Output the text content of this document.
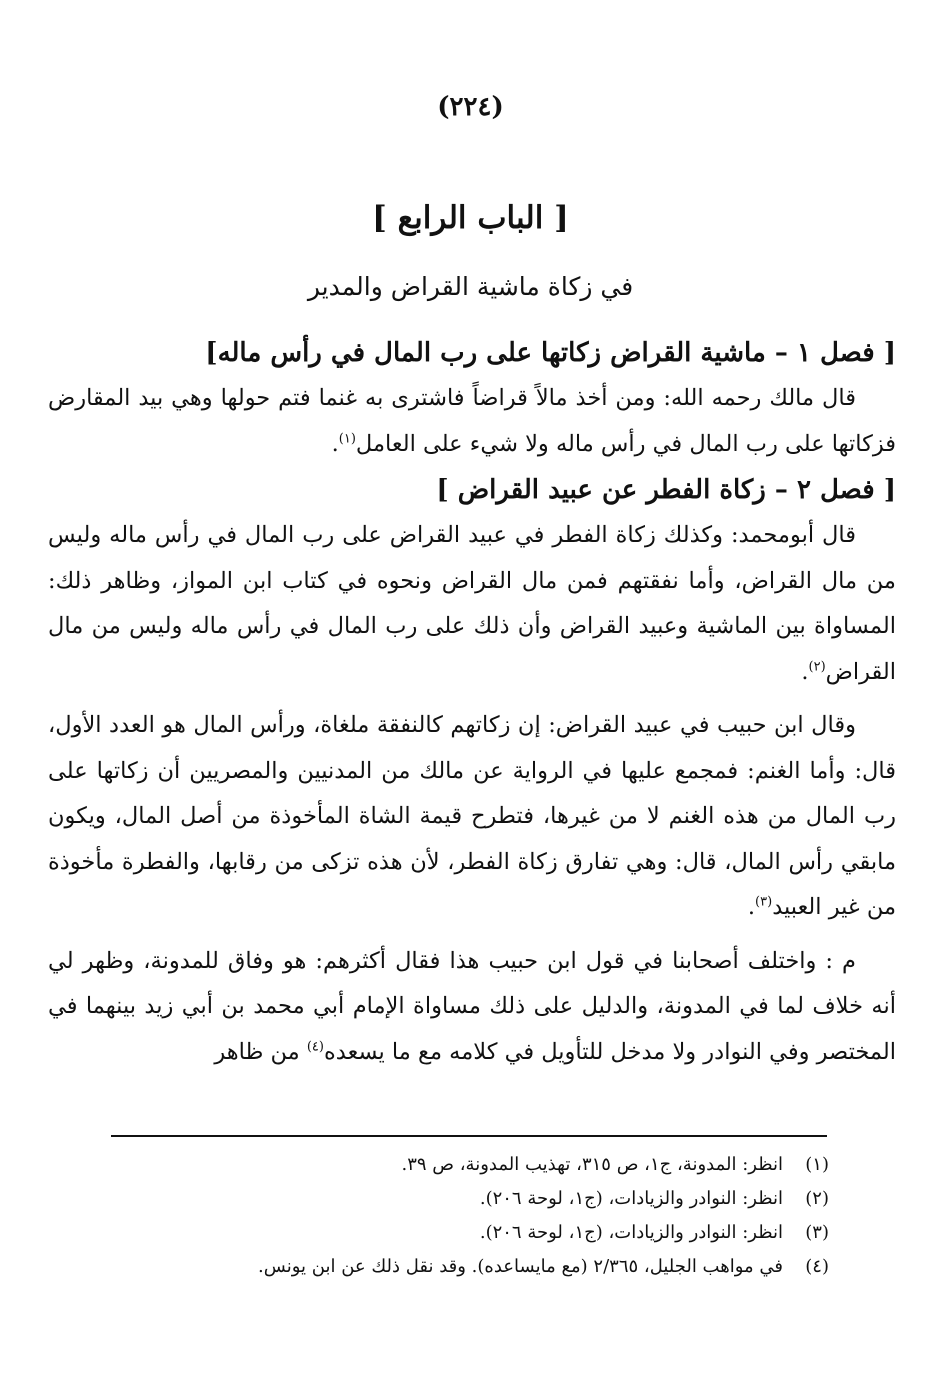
(٢٢٤)
[ الباب الرابع ]
في زكاة ماشية القراض والمدير
[ فصل ١ – ماشية القراض زكاتها على رب المال في رأس ماله]

قال مالك رحمه الله: ومن أخذ مالاً قراضاً فاشترى به غنما فتم حولها وهي بيد المقارض فزكاتها على رب المال في رأس ماله ولا شيء على العامل$^{(١)}$.

[ فصل ٢ – زكاة الفطر عن عبيد القراض ]

قال أبومحمد: وكذلك زكاة الفطر في عبيد القراض على رب المال في رأس ماله وليس من مال القراض، وأما نفقتهم فمن مال القراض ونحوه في كتاب ابن المواز، وظاهر ذلك: المساواة بين الماشية وعبيد القراض وأن ذلك على رب المال في رأس ماله وليس من مال القراض$^{(٢)}$.

وقال ابن حبيب في عبيد القراض: إن زكاتهم كالنفقة ملغاة، ورأس المال هو العدد الأول، قال: وأما الغنم: فمجمع عليها في الرواية عن مالك من المدنيين والمصريين أن زكاتها على رب المال من هذه الغنم لا من غيرها، فتطرح قيمة الشاة المأخوذة من أصل المال، ويكون مابقي رأس المال، قال: وهي تفارق زكاة الفطر، لأن هذه تزكى من رقابها، والفطرة مأخوذة من غير العبيد$^{(٣)}$.

م : واختلف أصحابنا في قول ابن حبيب هذا فقال أكثرهم: هو وفاق للمدونة، وظهر لي أنه خلاف لما في المدونة، والدليل على ذلك مساواة الإمام أبي محمد بن أبي زيد بينهما في المختصر وفي النوادر ولا مدخل للتأويل في كلامه مع ما يسعده$^{(٤)}$ من ظاهر

(١)انظر: المدونة، ج١، ص ٣١٥، تهذيب المدونة، ص ٣٩.

(٢)انظر: النوادر والزيادات، (ج١، لوحة ٢٠٦).

(٣)انظر: النوادر والزيادات، (ج١، لوحة ٢٠٦).

(٤)في مواهب الجليل، ٢/٣٦٥ (مع مايساعده). وقد نقل ذلك عن ابن يونس.
